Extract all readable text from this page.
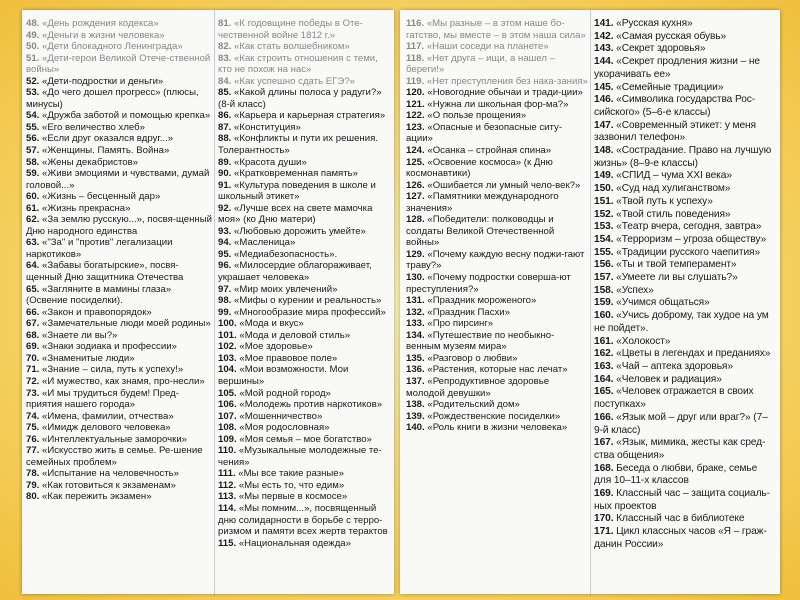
48. «День рождения кодекса»
49. «Деньги в жизни человека»
50. «Дети блокадного Ленинграда»
51. «Дети-герои Великой Отече-ственной войны»
52. «Дети-подростки и деньги»
53. «До чего дошел прогресс» (плюсы, минусы)
54. «Дружба заботой и помощью крепка»
55. «Его величество хлеб»
56. «Если друг оказался вдруг...»
57. «Женщины. Память. Война»
58. «Жены декабристов»
59. «Живи эмоциями и чувствами, думай головой...»
60. «Жизнь – бесценный дар»
61. «Жизнь прекрасна»
62. «За землю русскую...», посвя-щенный Дню народного единства
63. «"За" и "против" легализации наркотиков»
64. «Забавы богатырские», посвя-щенный Дню защитника Отечества
65. «Загляните в мамины глаза» (Освение посиделки).
66. «Закон и правопорядок»
67. «Замечательные люди моей родины»
68. «Знаете ли вы?»
69. «Знаки зодиака и профессии»
70. «Знаменитые люди»
71. «Знание – сила, путь к успеху!»
72. «И мужество, как знамя, про-несли»
73. «И мы трудиться будем! Пред-приятия нашего города»
74. «Имена, фамилии, отчества»
75. «Имидж делового человека»
76. «Интеллектуальные заморочки»
77. «Искусство жить в семье. Ре-шение семейных проблем»
78. «Испытание на человечность»
79. «Как готовиться к экзаменам»
80. «Как пережить экзамен»
81. «К годовщине победы в Оте-чественной войне 1812 г.»
82. «Как стать волшебником»
83. «Как строить отношения с теми, кто не похож на нас»
84. «Как успешно сдать ЕГЭ?»
85. «Какой длины полоса у радуги?» (8-й класс)
86. «Карьера и карьерная стратегия»
87. «Конституция»
88. «Конфликты и пути их решения. Толерантность»
89. «Красота души»
90. «Кратковременная память»
91. «Культура поведения в школе и школьный этикет»
92. «Лучше всех на свете мамочка моя» (ко Дню матери)
93. «Любовью дорожить умейте»
94. «Масленица»
95. «Медиабезопасность».
96. «Милосердие облагораживает, украшает человека»
97. «Мир моих увлечений»
98. «Мифы о курении и реальность»
99. «Многообразие мира профессий»
100. «Мода и вкус»
101. «Мода и деловой стиль»
102. «Мое здоровье»
103. «Мое правовое поле»
104. «Мои возможности. Мои вершины»
105. «Мой родной город»
106. «Молодежь против наркотиков»
107. «Мошенничество»
108. «Моя родословная»
109. «Моя семья – мое богатство»
110. «Музыкальные молодежные те-чения»
111. «Мы все такие разные»
112. «Мы есть то, что едим»
113. «Мы первые в космосе»
114. «Мы помним...», посвященный дню солидарности в борьбе с терро-ризмом и памяти всех жертв терактов
115. «Национальная одежда»
116. «Мы разные – в этом наше бо-гатство, мы вместе – в этом наша сила»
117. «Наши соседи на планете»
118. «Нет друга – ищи, а нашел – береги!»
119. «Нет преступления без нака-зания»
120. «Новогодние обычаи и тради-ции»
121. «Нужна ли школьная фор-ма?»
122. «О пользе прощения»
123. «Опасные и безопасные ситу-ации»
124. «Осанка – стройная спина»
125. «Освоение космоса» (к Дню космонавтики)
126. «Ошибается ли умный чело-век?»
127. «Памятники международного значения»
128. «Победители: полководцы и солдаты Великой Отечественной войны»
129. «Почему каждую весну поджи-гают траву?»
130. «Почему подростки соверша-ют преступления?»
131. «Праздник мороженого»
132. «Праздник Пасхи»
133. «Про пирсинг»
134. «Путешествие по необыкно-венным музеям мира»
135. «Разговор о любви»
136. «Растения, которые нас лечат»
137. «Репродуктивное здоровье молодой девушки»
138. «Родительский дом»
139. «Рождественские посиделки»
140. «Роль книги в жизни человека»
141. «Русская кухня»
142. «Самая русская обувь»
143. «Секрет здоровья»
144. «Секрет продления жизни – не укорачивать ее»
145. «Семейные традиции»
146. «Символика государства Рос-сийского» (5–6-е классы)
147. «Современный этикет: у меня зазвонил телефон»
148. «Сострадание. Право на лучшую жизнь» (8–9-е классы)
149. «СПИД – чума XXI века»
150. «Суд над хулиганством»
151. «Твой путь к успеху»
152. «Твой стиль поведения»
153. «Театр вчера, сегодня, завтра»
154. «Терроризм – угроза обществу»
155. «Традиции русского чаепития»
156. «Ты и твой темперамент»
157. «Умеете ли вы слушать?»
158. «Успех»
159. «Учимся общаться»
160. «Учись доброму, так худое на ум не пойдет».
161. «Холокост»
162. «Цветы в легендах и преданиях»
163. «Чай – аптека здоровья»
164. «Человек и радиация»
165. «Человек отражается в своих поступках»
166. «Язык мой – друг или враг?» (7–9-й класс)
167. «Язык, мимика, жесты как сред-ства общения»
168. Беседа о любви, браке, семье для 10–11-х классов
169. Классный час – защита социаль-ных проектов
170. Классный час в библиотеке
171. Цикл классных часов «Я – граж-данин России»
